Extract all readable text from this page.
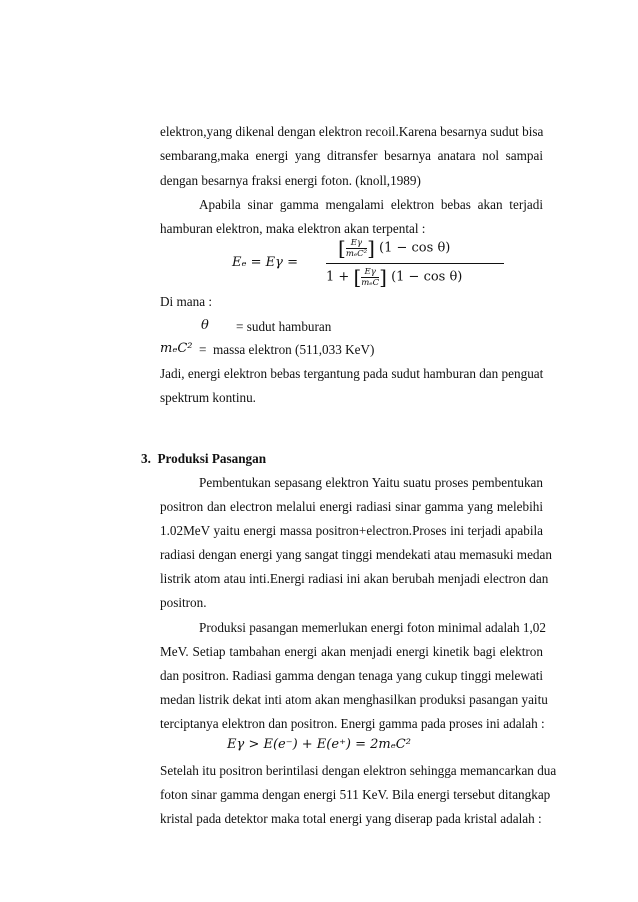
elektron,yang dikenal dengan elektron recoil.Karena besarnya sudut bisa
sembarang,maka energi yang ditransfer besarnya anatara nol sampai
dengan besarnya fraksi energi foton. (knoll,1989)
Apabila sinar gamma mengalami elektron bebas akan terjadi
hamburan elektron, maka elektron akan terpental :
Eₑ = Eγ =
[ $\frac{E\gamma}{\text{mₑC²}}$ ] (1 − cos θ)
1 + [ $\frac{E\gamma}{\text{mₑC}}$ ] (1 − cos θ)
Di mana :
θ = sudut hamburan
mₑC² =  massa elektron (511,033 KeV)
Jadi, energi elektron bebas tergantung pada sudut hamburan dan penguat
spektrum kontinu.
3.  Produksi Pasangan
Pembentukan sepasang elektron Yaitu suatu proses pembentukan
positron dan electron melalui energi radiasi sinar gamma yang melebihi
1.02MeV yaitu energi massa positron+electron.Proses ini terjadi apabila
radiasi dengan energi yang sangat tinggi mendekati atau memasuki medan
listrik atom atau inti.Energi radiasi ini akan berubah menjadi electron dan
positron.
Produksi pasangan memerlukan energi foton minimal adalah 1,02
MeV. Setiap tambahan energi akan menjadi energi kinetik bagi elektron
dan positron. Radiasi gamma dengan tenaga yang cukup tinggi melewati
medan listrik dekat inti atom akan menghasilkan produksi pasangan yaitu
terciptanya elektron dan positron. Energi gamma pada proses ini adalah :
Eγ > E(e⁻) + E(e⁺) = 2mₑC²
Setelah itu positron berintilasi dengan elektron sehingga memancarkan dua
foton sinar gamma dengan energi 511 KeV. Bila energi tersebut ditangkap
kristal pada detektor maka total energi yang diserap pada kristal adalah :
